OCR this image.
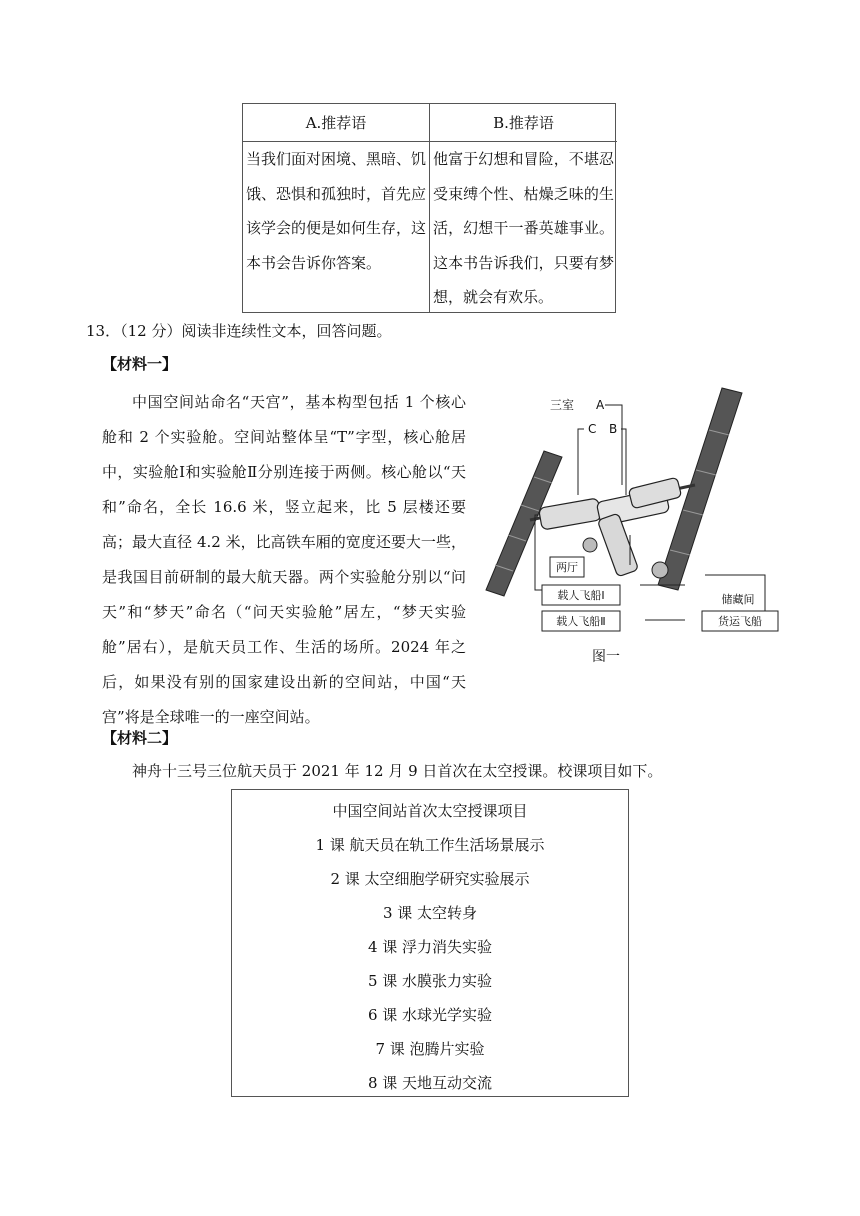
A.推荐语	B.推荐语
当我们面对困境、黑暗、饥饿、恐惧和孤独时，首先应该学会的便是如何生存，这本书会告诉你答案。
他富于幻想和冒险，不堪忍受束缚个性、枯燥乏味的生活，幻想干一番英雄事业。这本书告诉我们，只要有梦想，就会有欢乐。
13．（12 分）阅读非连续性文本，回答问题。
【材料一】

中国空间站命名“天宫”，基本构型包括 1 个核心舱和 2 个实验舱。空间站整体呈“T”字型，核心舱居中，实验舱Ⅰ和实验舱Ⅱ分别连接于两侧。核心舱以“天和”命名，全长 16.6 米，竖立起来，比 5 层楼还要高；最大直径 4.2 米，比高铁车厢的宽度还要大一些，是我国目前研制的最大航天器。两个实验舱分别以“问天”和“梦天”命名（“问天实验舱”居左，“梦天实验舱”居右），是航天员工作、生活的场所。2024 年之后，如果没有别的国家建设出新的空间站，中国“天宫”将是全球唯一的一座空间站。

三室 A
C B
两厅
载人飞船Ⅰ
载人飞船Ⅱ
储藏间
货运飞船
图一
【材料二】
神舟十三号三位航天员于 2021 年 12 月 9 日首次在太空授课。校课项目如下。
中国空间站首次太空授课项目
1 课 航天员在轨工作生活场景展示
2 课 太空细胞学研究实验展示
3 课 太空转身
4 课 浮力消失实验
5 课 水膜张力实验
6 课 水球光学实验
7 课 泡腾片实验
8 课 天地互动交流
